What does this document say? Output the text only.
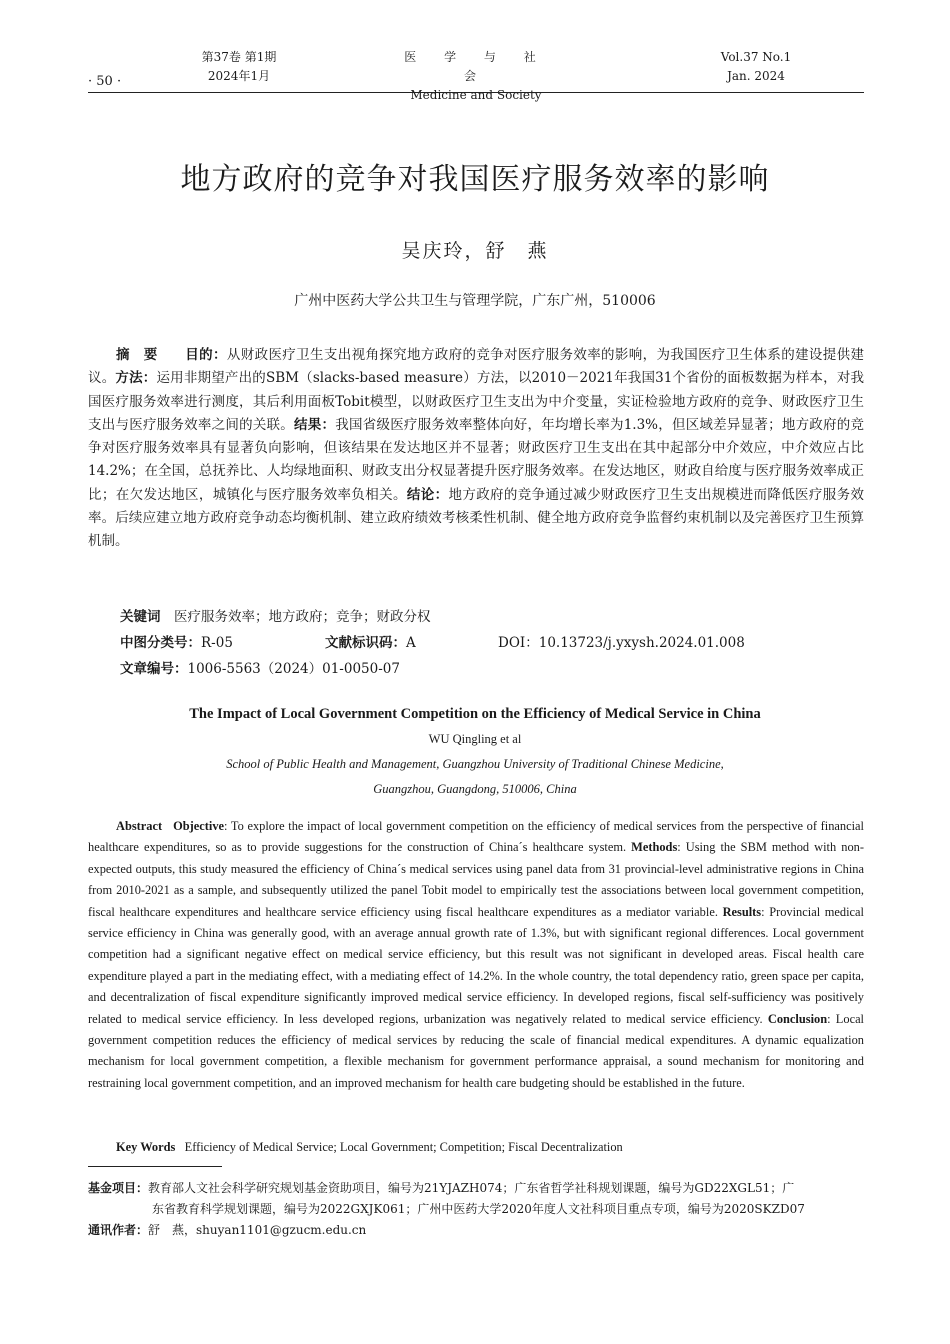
· 50 ·
第37卷 第1期
2024年1月
医 学 与 社 会
Medicine and Society
Vol.37 No.1
Jan. 2024
地方政府的竞争对我国医疗服务效率的影响
吴庆玲，舒　燕
广州中医药大学公共卫生与管理学院，广东广州，510006
摘　要　　 目的：从财政医疗卫生支出视角探究地方政府的竞争对医疗服务效率的影响，为我国医疗卫生体系的建设提供建议。方法：运用非期望产出的SBM（slacks-based measure）方法，以2010－2021年我国31个省份的面板数据为样本，对我国医疗服务效率进行测度，其后利用面板Tobit模型，以财政医疗卫生支出为中介变量，实证检验地方政府的竞争、财政医疗卫生支出与医疗服务效率之间的关联。结果：我国省级医疗服务效率整体向好，年均增长率为1.3%，但区域差异显著；地方政府的竞争对医疗服务效率具有显著负向影响，但该结果在发达地区并不显著；财政医疗卫生支出在其中起部分中介效应，中介效应占比14.2%；在全国，总抚养比、人均绿地面积、财政支出分权显著提升医疗服务效率。在发达地区，财政自给度与医疗服务效率成正比；在欠发达地区，城镇化与医疗服务效率负相关。结论：地方政府的竞争通过减少财政医疗卫生支出规模进而降低医疗服务效率。后续应建立地方政府竞争动态均衡机制、建立政府绩效考核柔性机制、健全地方政府竞争监督约束机制以及完善医疗卫生预算机制。
关键词　 医疗服务效率；地方政府；竞争；财政分权
中图分类号：R-05	文献标识码：A	DOI：10.13723/j.yxysh.2024.01.008
文章编号：1006-5563（2024）01-0050-07
The Impact of Local Government Competition on the Efficiency of Medical Service in China
WU Qingling et al
School of Public Health and Management, Guangzhou University of Traditional Chinese Medicine,
Guangzhou, Guangdong, 510006, China
Abstract Objective: To explore the impact of local government competition on the efficiency of medical services from the perspective of financial healthcare expenditures, so as to provide suggestions for the construction of China´s healthcare system. Methods: Using the SBM method with non-expected outputs, this study measured the efficiency of China´s medical services using panel data from 31 provincial-level administrative regions in China from 2010-2021 as a sample, and subsequently utilized the panel Tobit model to empirically test the associations between local government competition, fiscal healthcare expenditures and healthcare service efficiency using fiscal healthcare expenditures as a mediator variable. Results: Provincial medical service efficiency in China was generally good, with an average annual growth rate of 1.3%, but with significant regional differences. Local government competition had a significant negative effect on medical service efficiency, but this result was not significant in developed areas. Fiscal health care expenditure played a part in the mediating effect, with a mediating effect of 14.2%. In the whole country, the total dependency ratio, green space per capita, and decentralization of fiscal expenditure significantly improved medical service efficiency. In developed regions, fiscal self-sufficiency was positively related to medical service efficiency. In less developed regions, urbanization was negatively related to medical service efficiency. Conclusion: Local government competition reduces the efficiency of medical services by reducing the scale of financial medical expenditures. A dynamic equalization mechanism for local government competition, a flexible mechanism for government performance appraisal, a sound mechanism for monitoring and restraining local government competition, and an improved mechanism for health care budgeting should be established in the future.
Key Words Efficiency of Medical Service; Local Government; Competition; Fiscal Decentralization
基金项目：教育部人文社会科学研究规划基金资助项目，编号为21YJAZH074；广东省哲学社科规划课题，编号为GD22XGL51；广
东省教育科学规划课题，编号为2022GXJK061；广州中医药大学2020年度人文社科项目重点专项，编号为2020SKZD07
通讯作者：舒　燕，shuyan1101@gzucm.edu.cn
